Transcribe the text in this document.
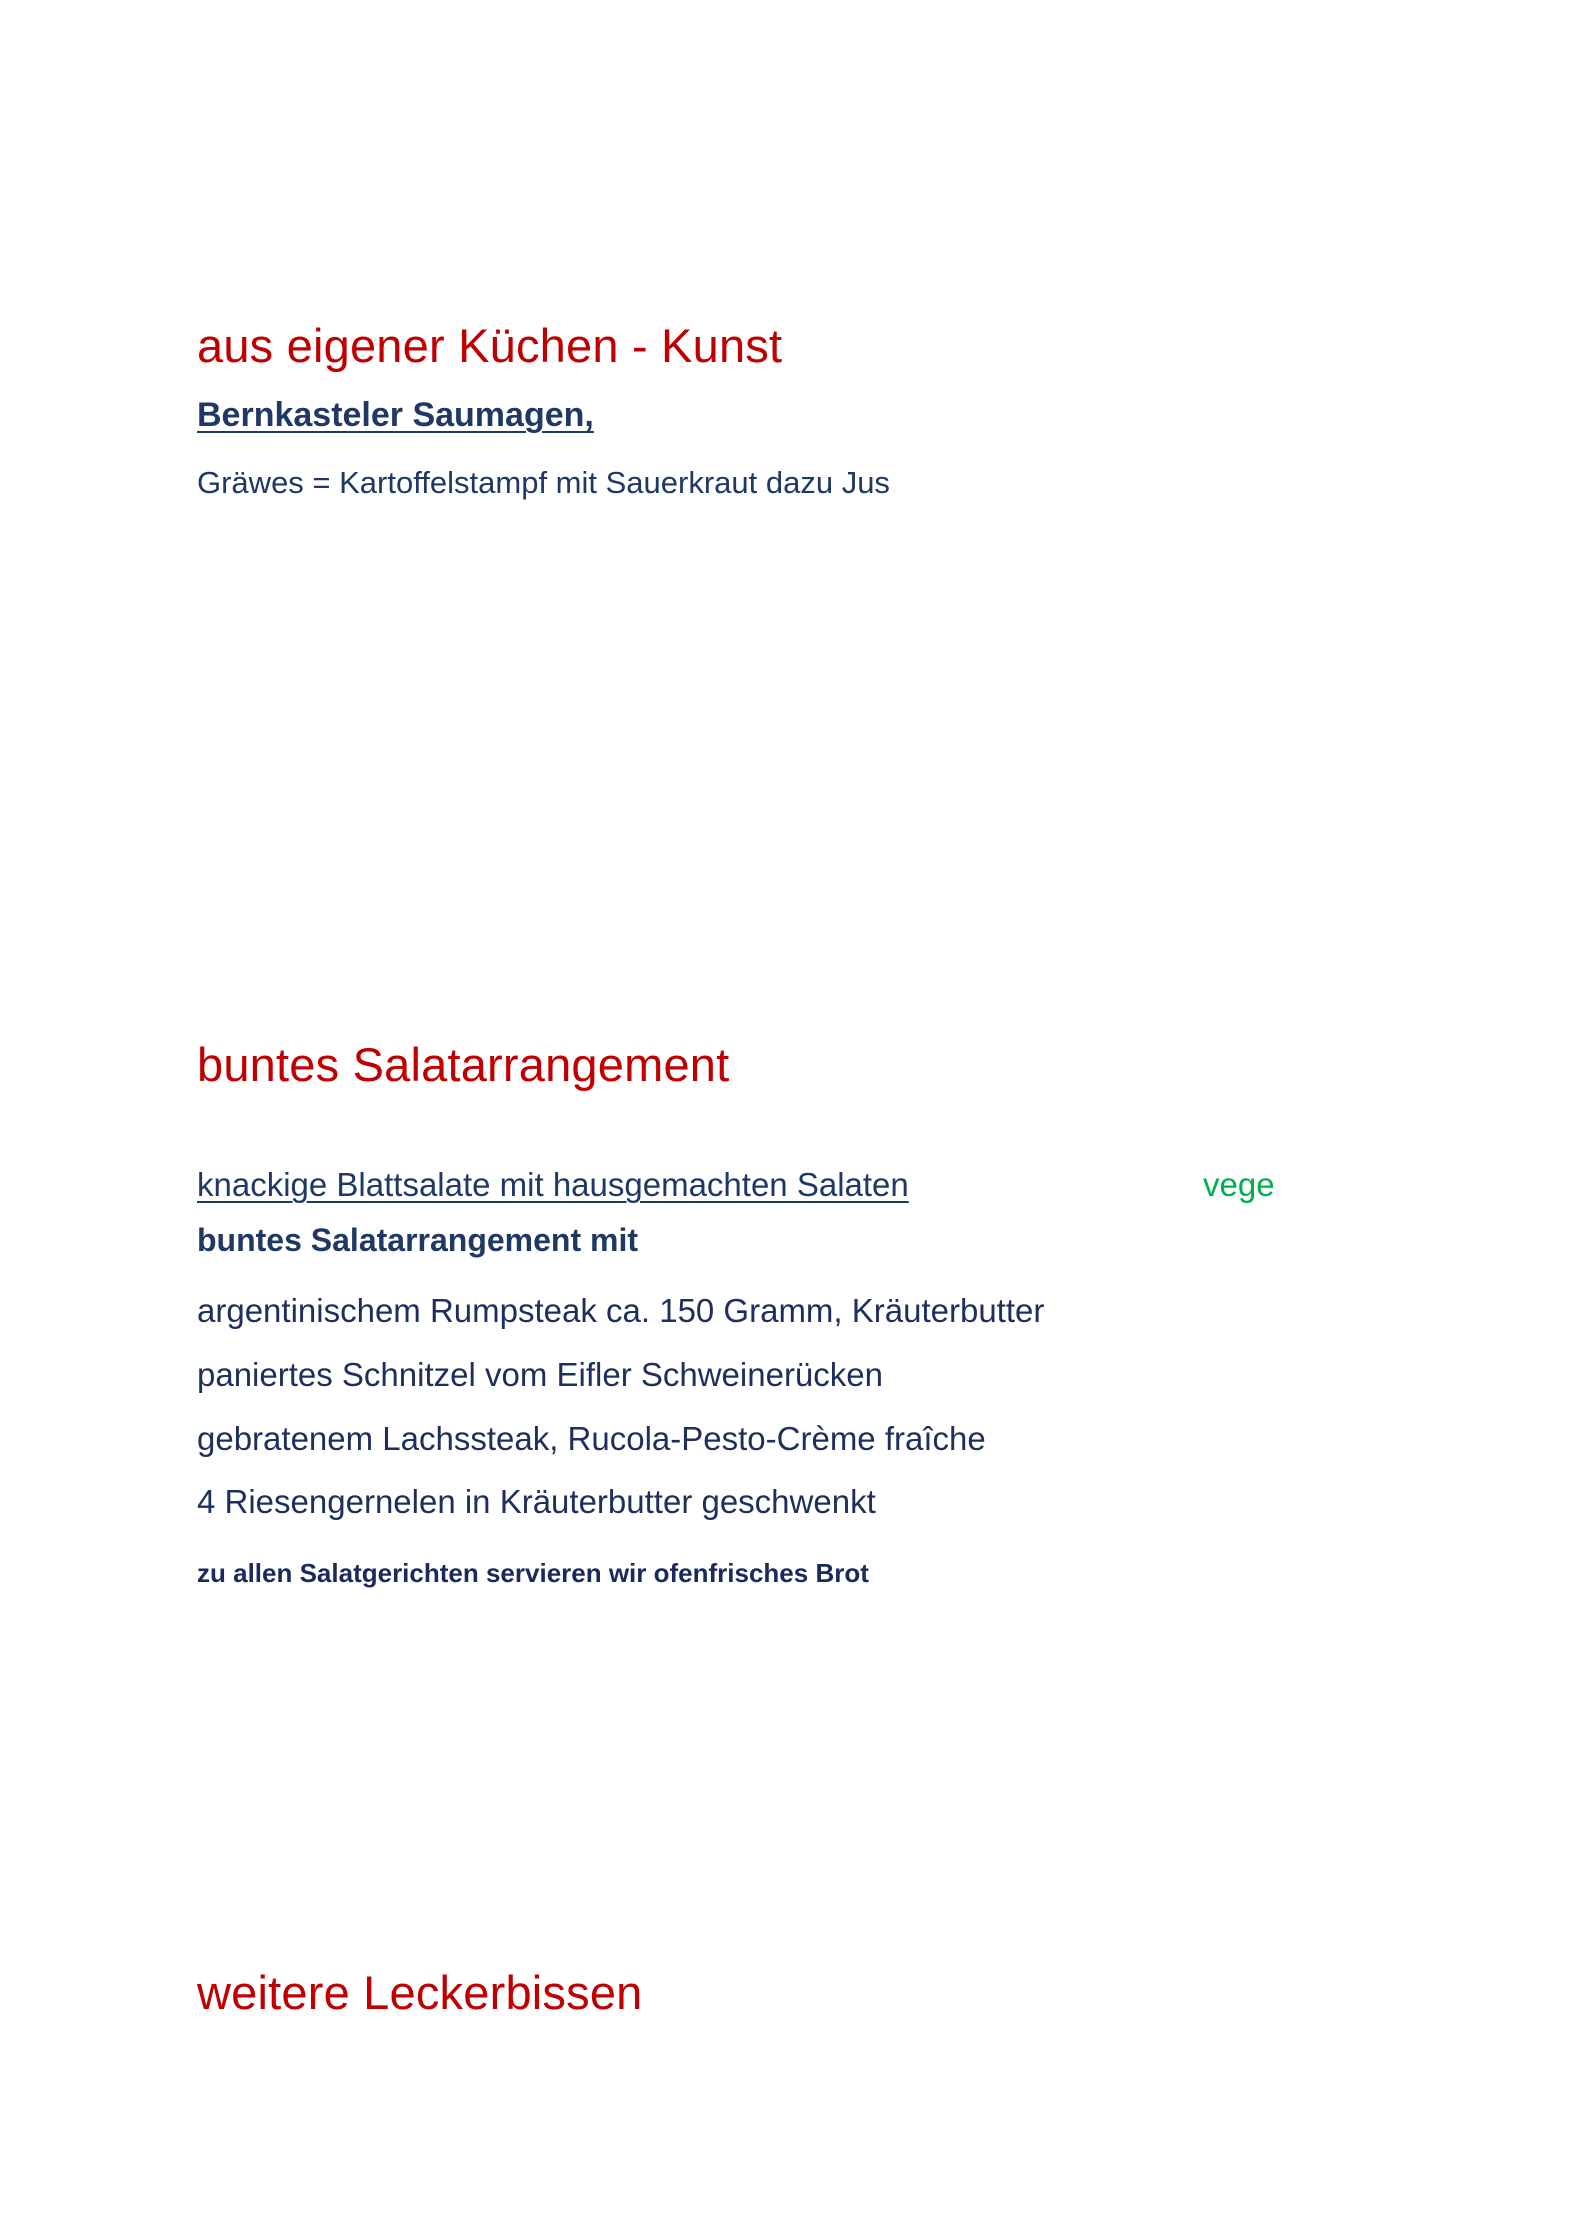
aus eigener Küchen - Kunst
Bernkasteler Saumagen,
Gräwes = Kartoffelstampf mit Sauerkraut dazu Jus
buntes Salatarrangement
knackige Blattsalate mit hausgemachten Salaten	vege
buntes Salatarrangement mit
argentinischem Rumpsteak ca. 150 Gramm, Kräuterbutter
paniertes Schnitzel vom Eifler Schweinerücken
gebratenem Lachssteak, Rucola-Pesto-Crème fraîche
4 Riesengernelen in Kräuterbutter geschwenkt
zu allen Salatgerichten servieren wir ofenfrisches Brot
weitere Leckerbissen
